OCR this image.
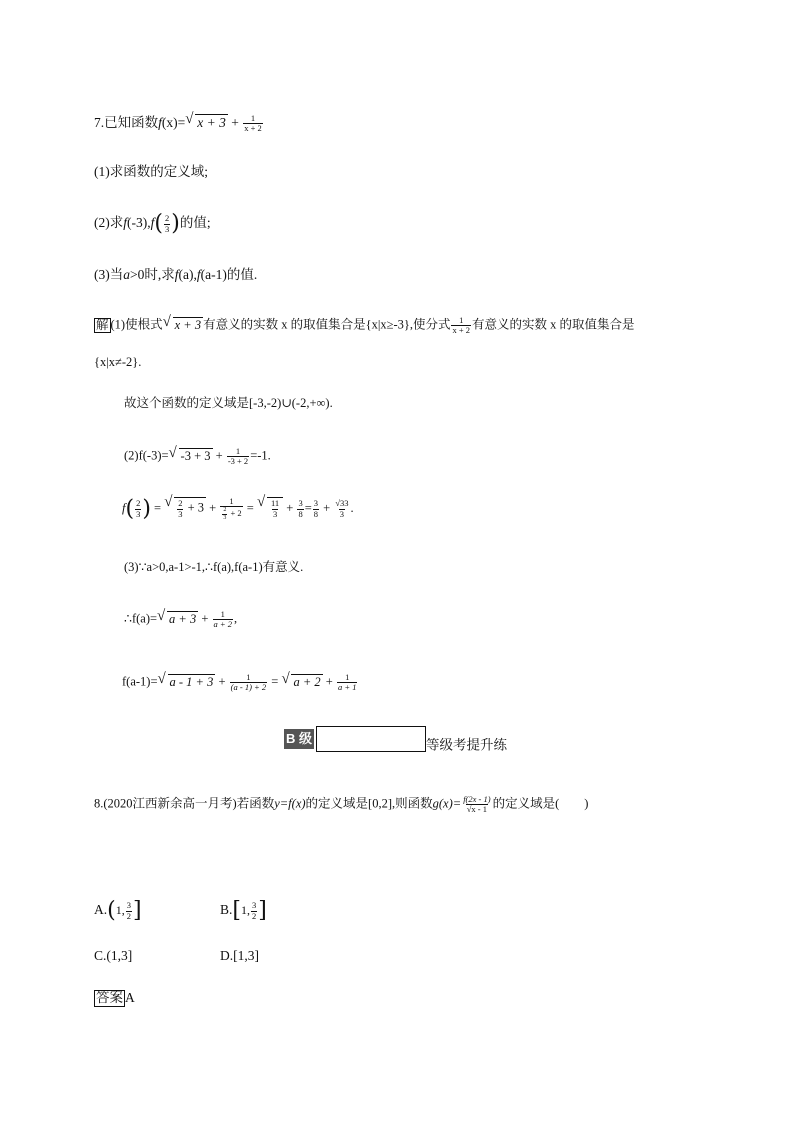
7.已知函数f(x)= √ $x + 3 + \frac{1}{x + 2}$
(1)求函数的定义域;
(2)求$f(-3),f( \frac{2}{3}$ )的值;
(3)当a>0时,求f(a),f(a-1)的值.
解 (1)使根式 √ x + 3 有意义的实数 x 的取值集合是{x|x≥-3},使分式 $\frac{1}{x + 2}$ 有意义的实数 x 的取值集合是
{x|x≠-2}.
故这个函数的定义域是[-3,-2)∪(-2,+∞).
(2)f(-3)= √ $-3 + 3 + \frac{1}{-3 + 2} =-1$.
$f( \frac{2}{3}$ ) = √ $\frac{2}{3} + 3 + \frac{1}{\frac{2}{3} + 2}$ = √ $\frac{11}{3} + \frac{3}{8} = \frac{3}{8} + \frac{√33}{3}$ .
(3)∵a>0,a-1>-1,∴f(a),f(a-1)有意义.
∴f(a)= √ $a + 3 + \frac{1}{a + 2}$ ,
f(a-1)= √ $a - 1 + 3 + \frac{1}{(a - 1) + 2}$ = √ $a + 2 + \frac{1}{a + 1}$
B 级	等级考提升练
8.(2020江西新余高一月考)若函数y=f(x)的定义域是[0,2],则函数$g(x)= \frac{f(2x - 1)}{√x - 1}$ 的定义域是(　　)
A.(1, $\frac{3}{2}$ ]	B.[1, $\frac{3}{2}$ ]
C.(1,3]	D.[1,3]
答案 A
